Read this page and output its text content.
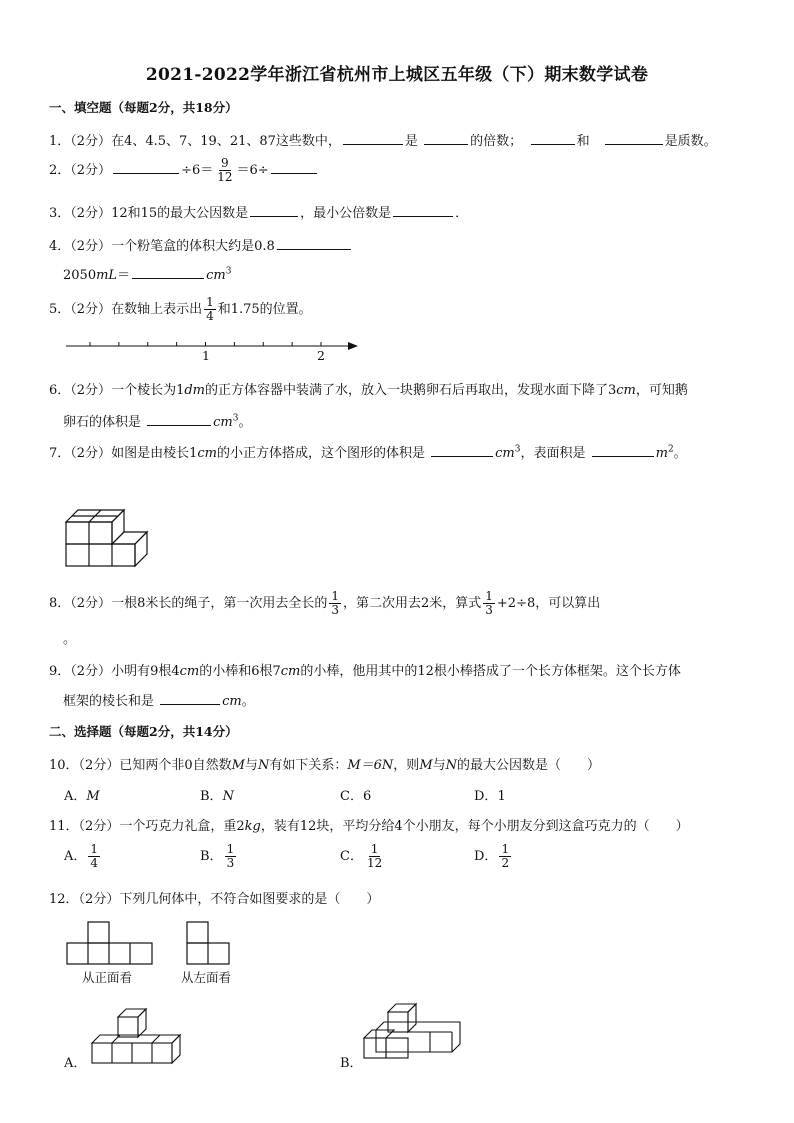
2021-2022学年浙江省杭州市上城区五年级（下）期末数学试卷
一、填空题（每题2分，共18分）
1．（2分）在4、4.5、7、19、21、87这些数中，	是	的倍数；　	和　	是质数。
2．（2分）	$\div 6= \frac{9}{12} =6\div$
3．（2分）12和15的最大公因数是	，最小公倍数是	．
4．（2分）一个粉笔盒的体积大约是0.8
2050mL＝	$cm^3$
5．（2分）在数轴上表示出 $\frac{1}{4}$ 和1.75的位置。
1	2
6．（2分）一个棱长为1dm的正方体容器中装满了水，放入一块鹅卵石后再取出，发现水面下降了3cm，可知鹅
卵石的体积是	$cm^3$。
7．（2分）如图是由棱长1cm的小正方体搭成，这个图形的体积是	$cm^3$，表面积是	$m^2$。
8．（2分）一根8米长的绳子，第一次用去全长的 $\frac{1}{3}$ ，第二次用去2米，算式 $\frac{1}{3} +2\div 8$，可以算出
。
9．（2分）小明有9根4cm的小棒和6根7cm的小棒，他用其中的12根小棒搭成了一个长方体框架。这个长方体
框架的棱长和是	cm。
二、选择题（每题2分，共14分）
10．（2分）已知两个非0自然数M与N有如下关系：M＝6N，则M与N的最大公因数是（　　）
A．M	B．N	C．6	D．1
11．（2分）一个巧克力礼盒，重2kg，装有12块，平均分给4个小朋友，每个小朋友分到这盒巧克力的（　　）
A． $\frac{1}{4}$	B． $\frac{1}{3}$	C． $\frac{1}{12}$	D． $\frac{1}{2}$
12．（2分）下列几何体中，不符合如图要求的是（　　）
从正面看	从左面看
A．	B．
